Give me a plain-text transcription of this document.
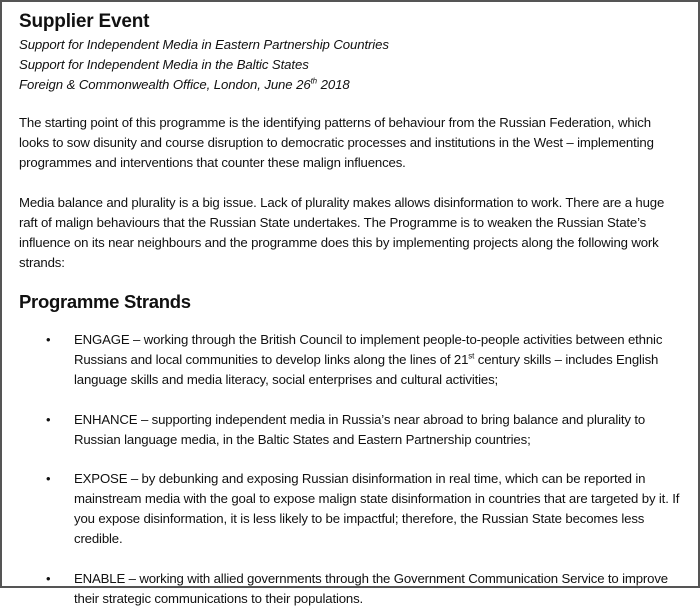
Supplier Event

Support for Independent Media in Eastern Partnership Countries

Support for Independent Media in the Baltic States

Foreign & Commonwealth Office, London, June 26th 2018

The starting point of this programme is the identifying patterns of behaviour from the Russian Federation, which looks to sow disunity and course disruption to democratic processes and institutions in the West – implementing programmes and interventions that counter these malign influences.

Media balance and plurality is a big issue. Lack of plurality makes allows disinformation to work. There are a huge raft of malign behaviours that the Russian State undertakes. The Programme is to weaken the Russian State’s influence on its near neighbours and the programme does this by implementing projects along the following work strands:

Programme Strands
• ENGAGE – working through the British Council to implement people-to-people activities between ethnic Russians and local communities to develop links along the lines of 21st century skills – includes English language skills and media literacy, social enterprises and cultural activities;
• ENHANCE – supporting independent media in Russia’s near abroad to bring balance and plurality to Russian language media, in the Baltic States and Eastern Partnership countries;
• EXPOSE – by debunking and exposing Russian disinformation in real time, which can be reported in mainstream media with the goal to expose malign state disinformation in countries that are targeted by it. If you expose disinformation, it is less likely to be impactful; therefore, the Russian State becomes less credible.
• ENABLE – working with allied governments through the Government Communication Service to improve their strategic communications to their populations.
